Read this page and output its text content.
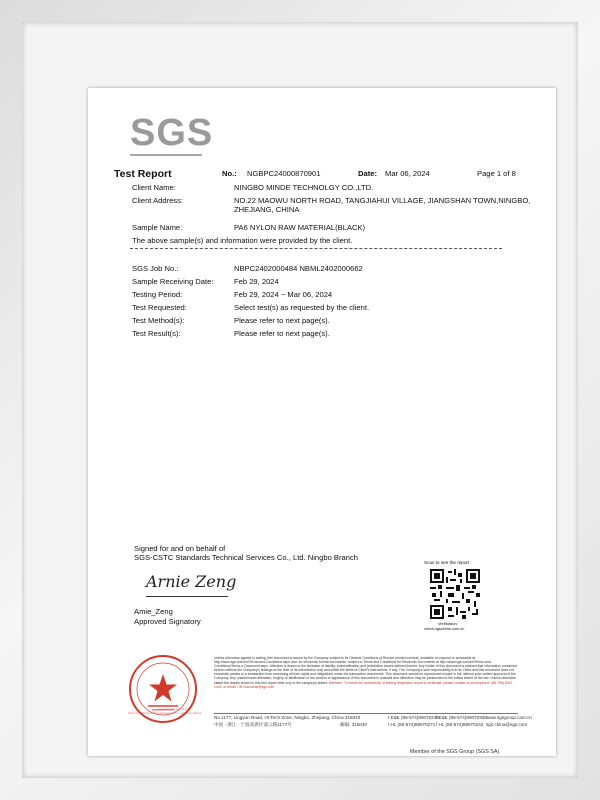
SGS
Test Report	No.: NGBPC24000870901	Date: Mar 06, 2024	Page 1 of 8
Client Name:	NINGBO MINDE TECHNOLGY CO.,LTD.
Client Address:	NO.22 MAOWU NORTH ROAD, TANGJIAHUI VILLAGE, JIANGSHAN TOWN,NINGBO,
ZHEJIANG, CHINA
Sample Name:	PA6 NYLON RAW MATERIAL(BLACK)
The above sample(s) and information were provided by the client.
SGS Job No.:	NBPC2402000484 NBML2402000662
Sample Receiving Date:	Feb 29, 2024
Testing Period:	Feb 29, 2024 ~ Mar 06, 2024
Test Requested:	Select test(s) as requested by the client.
Test Method(s):	Please refer to next page(s).
Test Result(s):	Please refer to next page(s).
Signed for and on behalf of
SGS-CSTC Standards Technical Services Co., Ltd. Ningbo Branch
Arnie Zeng
Amie_Zeng
Approved Signatory
Scan to see the report
Verification:
check.sgsonline.com.cn
SGS-CSTC Standards Technical Services Co., Ltd. Ningbo Branch
Inspection & Testing Services
Unless otherwise agreed in writing, this document is issued by the Company subject to its General Conditions of Service printed overleaf, available on request or accessible at http://www.sgs.com/en/Terms-and-Conditions.aspx and, for electronic format documents, subject to Terms and Conditions for Electronic Documents at http://www.sgs.com/en/Terms-and-Conditions/Terms-e-Document.aspx. Attention is drawn to the limitation of liability, indemnification and jurisdiction issues defined therein. Any holder of this document is advised that information contained hereon reflects the Company's findings at the time of its intervention only and within the limits of Client's instructions, if any. The Company's sole responsibility is to its Client and this document does not exonerate parties to a transaction from exercising all their rights and obligations under the transaction documents. This document cannot be reproduced except in full, without prior written approval of the Company. Any unauthorized alteration, forgery or falsification of the content or appearance of this document is unlawful and offenders may be prosecuted to the fullest extent of the law. Unless otherwise stated the results shown in this test report refer only to the sample(s) tested. Attention: To check the authenticity of testing /inspection report & certificate, please contact us at telephone: (86-755) 8307 1443, or email: CN.Doccheck@sgs.com
No.1177, Lingyun Road, Hi-Tech Zone, Ningbo, Zhejiang, China 315040	t E&E (86-574)89070249
f E&E (86-574)89070300 www.sgsgroup.com.cn
中国 · 浙江 · 宁波高新区凌云路1177号	邮编: 315040	t HL (86-574)89070271 f HL (86-574)89070242 sgs.china@sgs.com
Member of the SGS Group (SGS SA)
